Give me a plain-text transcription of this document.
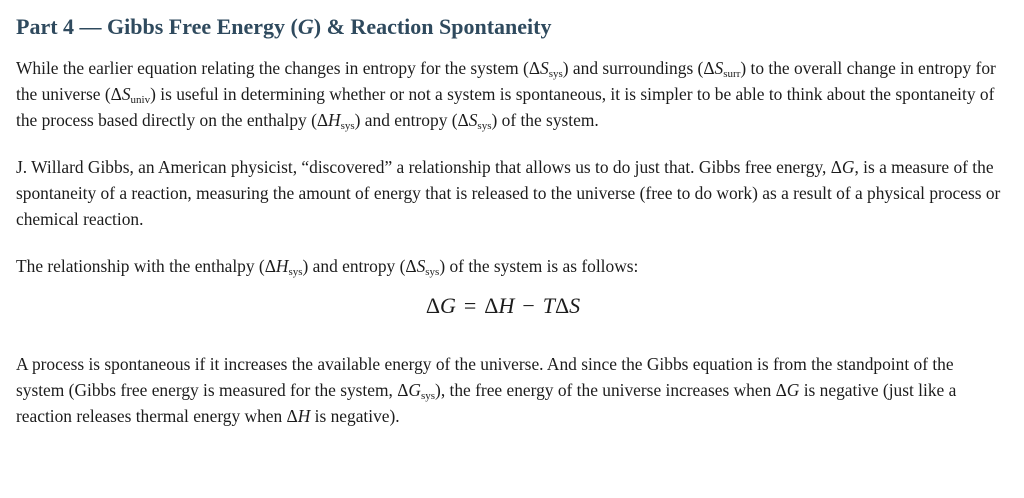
Part 4 — Gibbs Free Energy (G) & Reaction Spontaneity

While the earlier equation relating the changes in entropy for the system $(\Delta S_{sys})$ and surroundings $(\Delta S_{surr})$ to the overall change in entropy for the universe $(\Delta S_{univ})$ is useful in determining whether or not a system is spontaneous, it is simpler to be able to think about the spontaneity of the process based directly on the enthalpy $(\Delta H_{sys})$ and entropy $(\Delta S_{sys})$ of the system.

J. Willard Gibbs, an American physicist, “discovered” a relationship that allows us to do just that. Gibbs free energy, ΔG, is a measure of the spontaneity of a reaction, measuring the amount of energy that is released to the universe (free to do work) as a result of a physical process or chemical reaction.

The relationship with the enthalpy $(\Delta H_{sys})$ and entropy $(\Delta S_{sys})$ of the system is as follows:

ΔG = ΔH − TΔS

A process is spontaneous if it increases the available energy of the universe. And since the Gibbs equation is from the standpoint of the system (Gibbs free energy is measured for the system, $\Delta G_{sys}$), the free energy of the universe increases when ΔG is negative (just like a reaction releases thermal energy when ΔH is negative).
